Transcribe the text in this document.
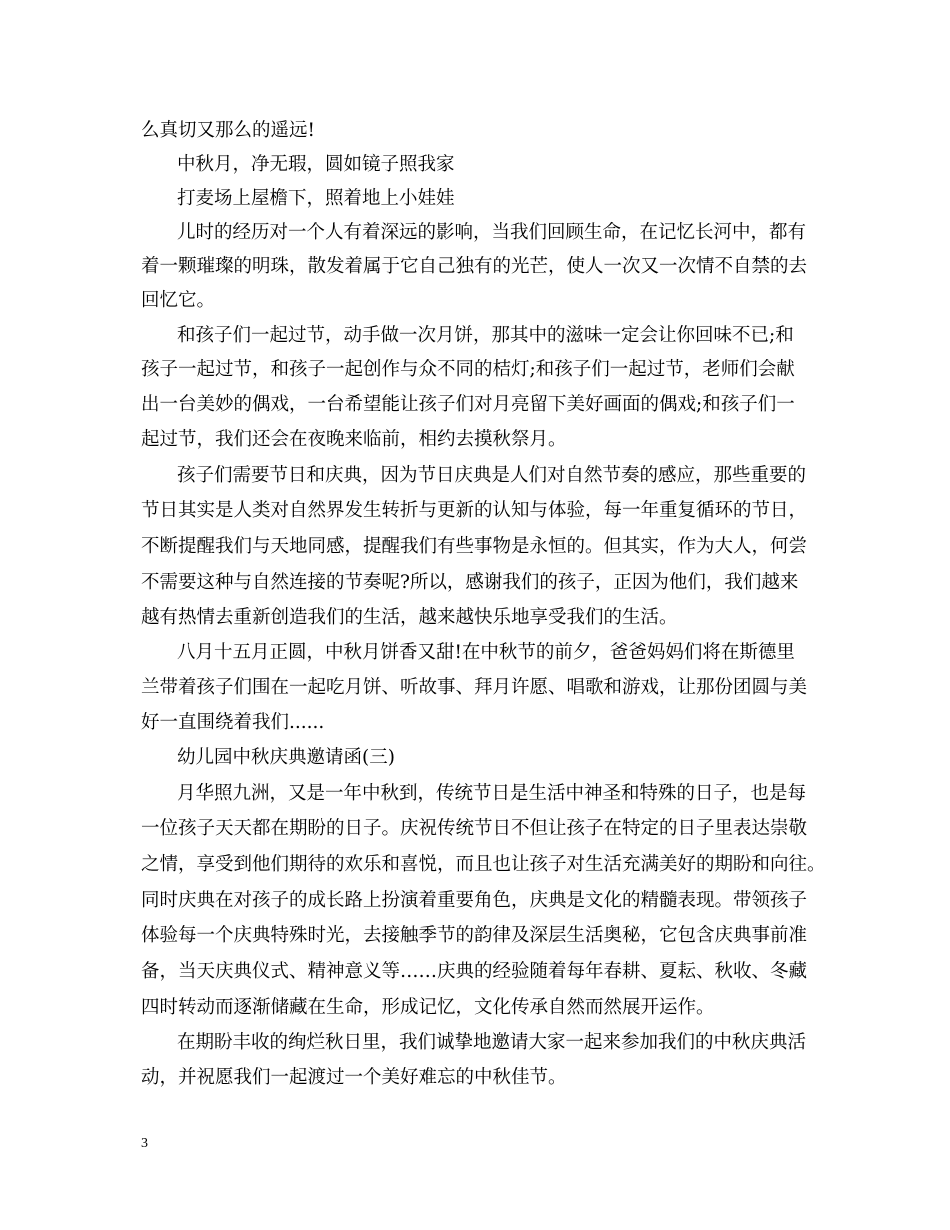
么真切又那么的遥远!
中秋月，净无瑕，圆如镜子照我家
打麦场上屋檐下，照着地上小娃娃
儿时的经历对一个人有着深远的影响，当我们回顾生命，在记忆长河中，都有
着一颗璀璨的明珠，散发着属于它自己独有的光芒，使人一次又一次情不自禁的去
回忆它。
和孩子们一起过节，动手做一次月饼，那其中的滋味一定会让你回味不已;和
孩子一起过节，和孩子一起创作与众不同的桔灯;和孩子们一起过节，老师们会献
出一台美妙的偶戏，一台希望能让孩子们对月亮留下美好画面的偶戏;和孩子们一
起过节，我们还会在夜晚来临前，相约去摸秋祭月。
孩子们需要节日和庆典，因为节日庆典是人们对自然节奏的感应，那些重要的
节日其实是人类对自然界发生转折与更新的认知与体验，每一年重复循环的节日，
不断提醒我们与天地同感，提醒我们有些事物是永恒的。但其实，作为大人，何尝
不需要这种与自然连接的节奏呢?所以，感谢我们的孩子，正因为他们，我们越来
越有热情去重新创造我们的生活，越来越快乐地享受我们的生活。
八月十五月正圆，中秋月饼香又甜!在中秋节的前夕，爸爸妈妈们将在斯德里
兰带着孩子们围在一起吃月饼、听故事、拜月许愿、唱歌和游戏，让那份团圆与美
好一直围绕着我们......
幼儿园中秋庆典邀请函(三)
月华照九洲，又是一年中秋到，传统节日是生活中神圣和特殊的日子，也是每
一位孩子天天都在期盼的日子。庆祝传统节日不但让孩子在特定的日子里表达崇敬
之情，享受到他们期待的欢乐和喜悦，而且也让孩子对生活充满美好的期盼和向往。
同时庆典在对孩子的成长路上扮演着重要角色，庆典是文化的精髓表现。带领孩子
体验每一个庆典特殊时光，去接触季节的韵律及深层生活奥秘，它包含庆典事前准
备，当天庆典仪式、精神意义等……庆典的经验随着每年春耕、夏耘、秋收、冬藏
四时转动而逐渐储藏在生命，形成记忆，文化传承自然而然展开运作。
在期盼丰收的绚烂秋日里，我们诚挚地邀请大家一起来参加我们的中秋庆典活
动，并祝愿我们一起渡过一个美好难忘的中秋佳节。
3
